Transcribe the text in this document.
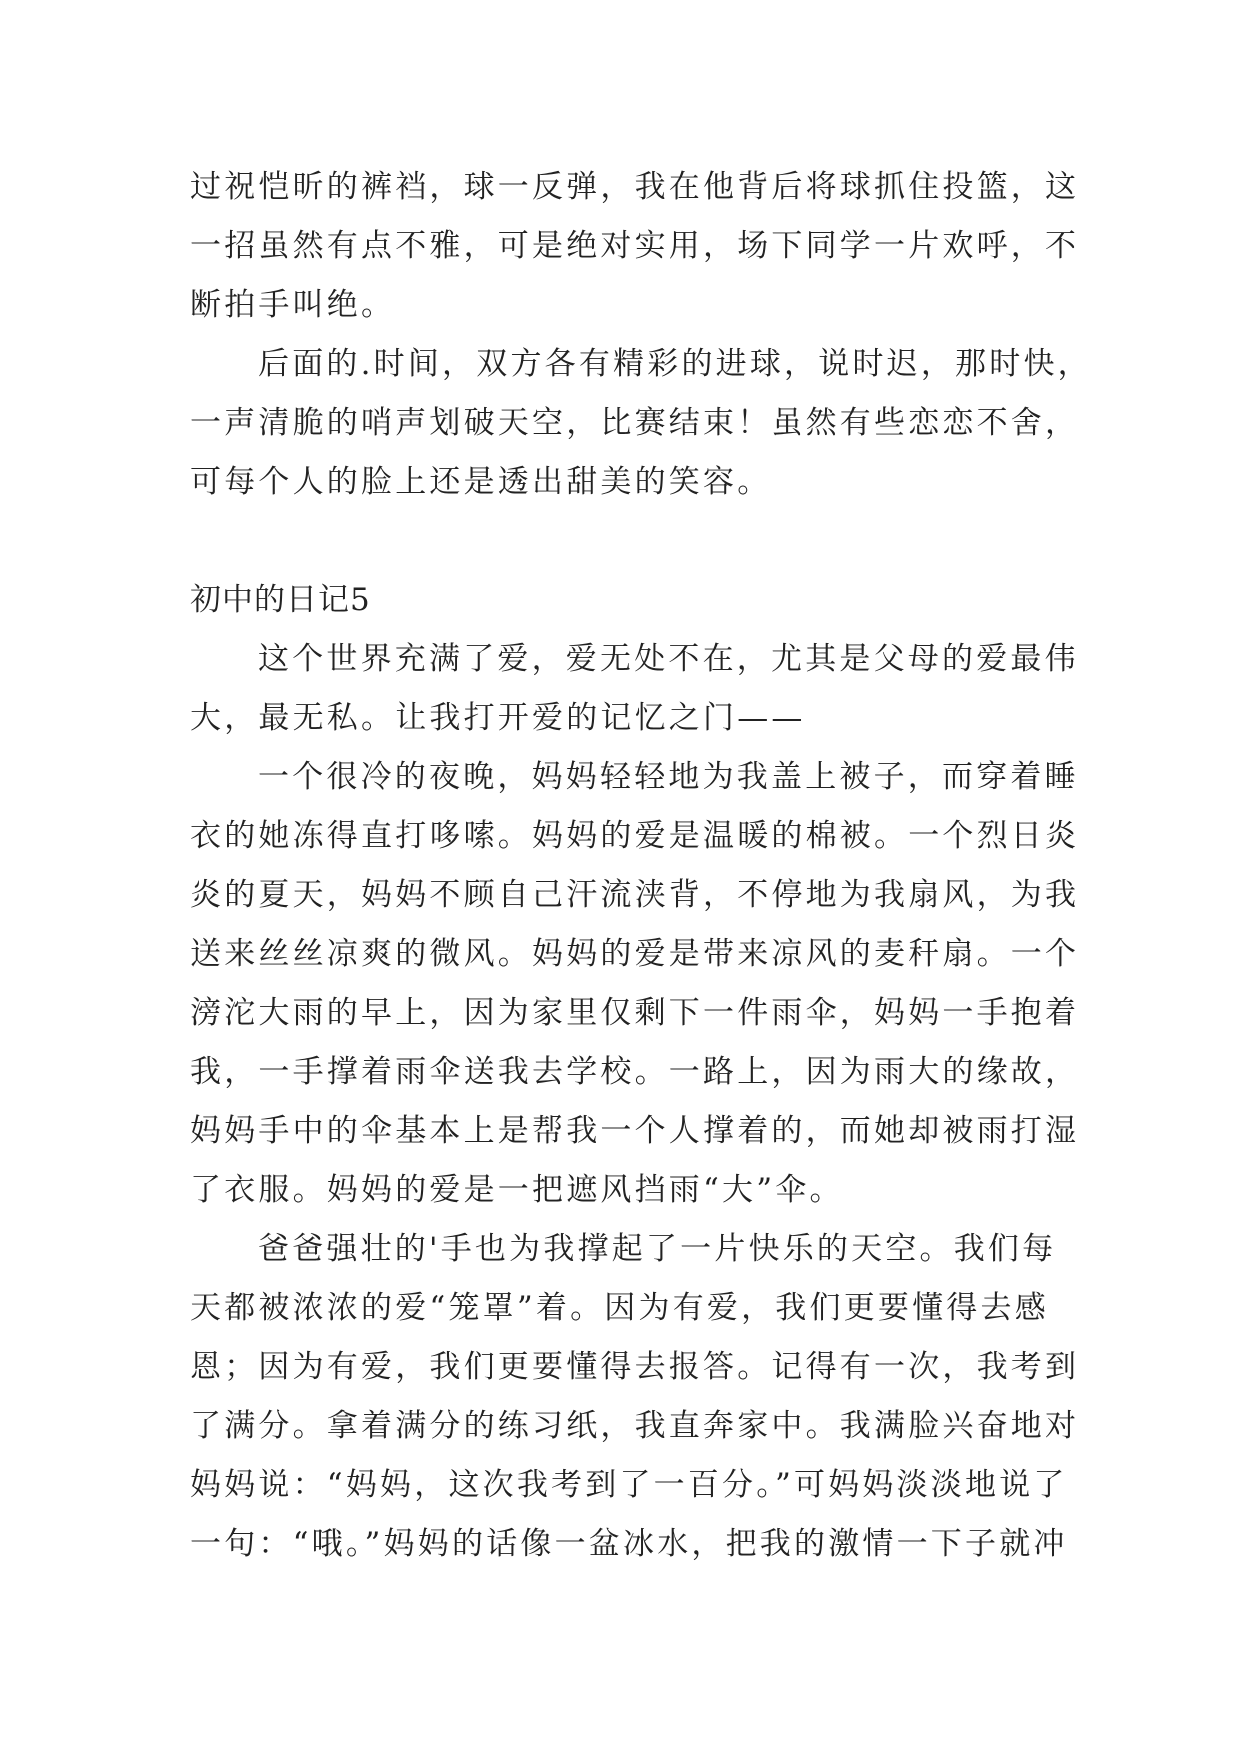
过祝恺昕的裤裆，球一反弹，我在他背后将球抓住投篮，这
一招虽然有点不雅，可是绝对实用，场下同学一片欢呼，不
断拍手叫绝。
后面的.时间，双方各有精彩的进球，说时迟，那时快，
一声清脆的哨声划破天空，比赛结束！虽然有些恋恋不舍，
可每个人的脸上还是透出甜美的笑容。
初中的日记5
这个世界充满了爱，爱无处不在，尤其是父母的爱最伟
大，最无私。让我打开爱的记忆之门——
一个很冷的夜晚，妈妈轻轻地为我盖上被子，而穿着睡
衣的她冻得直打哆嗦。妈妈的爱是温暖的棉被。一个烈日炎
炎的夏天，妈妈不顾自己汗流浃背，不停地为我扇风，为我
送来丝丝凉爽的微风。妈妈的爱是带来凉风的麦秆扇。一个
滂沱大雨的早上，因为家里仅剩下一件雨伞，妈妈一手抱着
我，一手撑着雨伞送我去学校。一路上，因为雨大的缘故，
妈妈手中的伞基本上是帮我一个人撑着的，而她却被雨打湿
了衣服。妈妈的爱是一把遮风挡雨“大”伞。
爸爸强壮的'手也为我撑起了一片快乐的天空。我们每
天都被浓浓的爱“笼罩”着。因为有爱，我们更要懂得去感
恩；因为有爱，我们更要懂得去报答。记得有一次，我考到
了满分。拿着满分的练习纸，我直奔家中。我满脸兴奋地对
妈妈说：“妈妈，这次我考到了一百分。”可妈妈淡淡地说了
一句：“哦。”妈妈的话像一盆冰水，把我的激情一下子就冲
